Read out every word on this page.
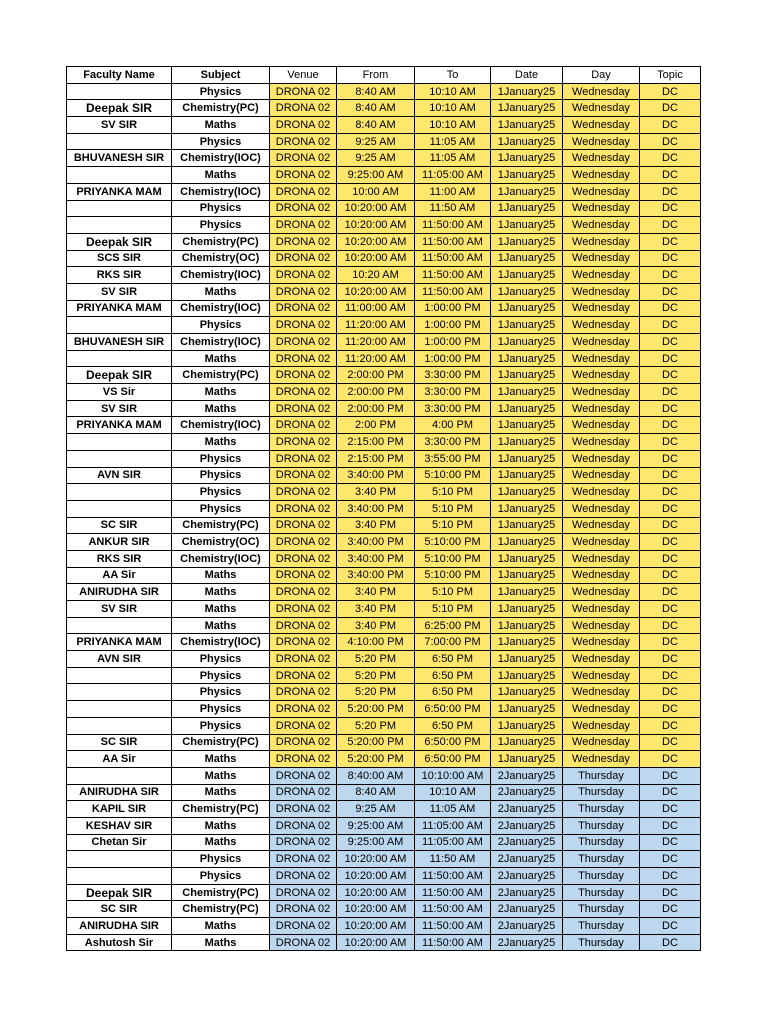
Faculty Name	Subject	Venue	From	To	Date	Day	Topic
	Physics	DRONA 02	8:40 AM	10:10 AM	1January25	Wednesday	DC
Deepak SIR	Chemistry(PC)	DRONA 02	8:40 AM	10:10 AM	1January25	Wednesday	DC
SV SIR	Maths	DRONA 02	8:40 AM	10:10 AM	1January25	Wednesday	DC
	Physics	DRONA 02	9:25 AM	11:05 AM	1January25	Wednesday	DC
BHUVANESH SIR	Chemistry(IOC)	DRONA 02	9:25 AM	11:05 AM	1January25	Wednesday	DC
	Maths	DRONA 02	9:25:00 AM	11:05:00 AM	1January25	Wednesday	DC
PRIYANKA MAM	Chemistry(IOC)	DRONA 02	10:00 AM	11:00 AM	1January25	Wednesday	DC
	Physics	DRONA 02	10:20:00 AM	11:50 AM	1January25	Wednesday	DC
	Physics	DRONA 02	10:20:00 AM	11:50:00 AM	1January25	Wednesday	DC
Deepak SIR	Chemistry(PC)	DRONA 02	10:20:00 AM	11:50:00 AM	1January25	Wednesday	DC
SCS SIR	Chemistry(OC)	DRONA 02	10:20:00 AM	11:50:00 AM	1January25	Wednesday	DC
RKS SIR	Chemistry(IOC)	DRONA 02	10:20 AM	11:50:00 AM	1January25	Wednesday	DC
SV SIR	Maths	DRONA 02	10:20:00 AM	11:50:00 AM	1January25	Wednesday	DC
PRIYANKA MAM	Chemistry(IOC)	DRONA 02	11:00:00 AM	1:00:00 PM	1January25	Wednesday	DC
	Physics	DRONA 02	11:20:00 AM	1:00:00 PM	1January25	Wednesday	DC
BHUVANESH SIR	Chemistry(IOC)	DRONA 02	11:20:00 AM	1:00:00 PM	1January25	Wednesday	DC
	Maths	DRONA 02	11:20:00 AM	1:00:00 PM	1January25	Wednesday	DC
Deepak SIR	Chemistry(PC)	DRONA 02	2:00:00 PM	3:30:00 PM	1January25	Wednesday	DC
VS Sir	Maths	DRONA 02	2:00:00 PM	3:30:00 PM	1January25	Wednesday	DC
SV SIR	Maths	DRONA 02	2:00:00 PM	3:30:00 PM	1January25	Wednesday	DC
PRIYANKA MAM	Chemistry(IOC)	DRONA 02	2:00 PM	4:00 PM	1January25	Wednesday	DC
	Maths	DRONA 02	2:15:00 PM	3:30:00 PM	1January25	Wednesday	DC
	Physics	DRONA 02	2:15:00 PM	3:55:00 PM	1January25	Wednesday	DC
AVN SIR	Physics	DRONA 02	3:40:00 PM	5:10:00 PM	1January25	Wednesday	DC
	Physics	DRONA 02	3:40 PM	5:10 PM	1January25	Wednesday	DC
	Physics	DRONA 02	3:40:00 PM	5:10 PM	1January25	Wednesday	DC
SC SIR	Chemistry(PC)	DRONA 02	3:40 PM	5:10 PM	1January25	Wednesday	DC
ANKUR SIR	Chemistry(OC)	DRONA 02	3:40:00 PM	5:10:00 PM	1January25	Wednesday	DC
RKS SIR	Chemistry(IOC)	DRONA 02	3:40:00 PM	5:10:00 PM	1January25	Wednesday	DC
AA Sir	Maths	DRONA 02	3:40:00 PM	5:10:00 PM	1January25	Wednesday	DC
ANIRUDHA SIR	Maths	DRONA 02	3:40 PM	5:10 PM	1January25	Wednesday	DC
SV SIR	Maths	DRONA 02	3:40 PM	5:10 PM	1January25	Wednesday	DC
	Maths	DRONA 02	3:40 PM	6:25:00 PM	1January25	Wednesday	DC
PRIYANKA MAM	Chemistry(IOC)	DRONA 02	4:10:00 PM	7:00:00 PM	1January25	Wednesday	DC
AVN SIR	Physics	DRONA 02	5:20 PM	6:50 PM	1January25	Wednesday	DC
	Physics	DRONA 02	5:20 PM	6:50 PM	1January25	Wednesday	DC
	Physics	DRONA 02	5:20 PM	6:50 PM	1January25	Wednesday	DC
	Physics	DRONA 02	5:20:00 PM	6:50:00 PM	1January25	Wednesday	DC
	Physics	DRONA 02	5:20 PM	6:50 PM	1January25	Wednesday	DC
SC SIR	Chemistry(PC)	DRONA 02	5:20:00 PM	6:50:00 PM	1January25	Wednesday	DC
AA Sir	Maths	DRONA 02	5:20:00 PM	6:50:00 PM	1January25	Wednesday	DC
	Maths	DRONA 02	8:40:00 AM	10:10:00 AM	2January25	Thursday	DC
ANIRUDHA SIR	Maths	DRONA 02	8:40 AM	10:10 AM	2January25	Thursday	DC
KAPIL SIR	Chemistry(PC)	DRONA 02	9:25 AM	11:05 AM	2January25	Thursday	DC
KESHAV SIR	Maths	DRONA 02	9:25:00 AM	11:05:00 AM	2January25	Thursday	DC
Chetan Sir	Maths	DRONA 02	9:25:00 AM	11:05:00 AM	2January25	Thursday	DC
	Physics	DRONA 02	10:20:00 AM	11:50 AM	2January25	Thursday	DC
	Physics	DRONA 02	10:20:00 AM	11:50:00 AM	2January25	Thursday	DC
Deepak SIR	Chemistry(PC)	DRONA 02	10:20:00 AM	11:50:00 AM	2January25	Thursday	DC
SC SIR	Chemistry(PC)	DRONA 02	10:20:00 AM	11:50:00 AM	2January25	Thursday	DC
ANIRUDHA SIR	Maths	DRONA 02	10:20:00 AM	11:50:00 AM	2January25	Thursday	DC
Ashutosh Sir	Maths	DRONA 02	10:20:00 AM	11:50:00 AM	2January25	Thursday	DC
